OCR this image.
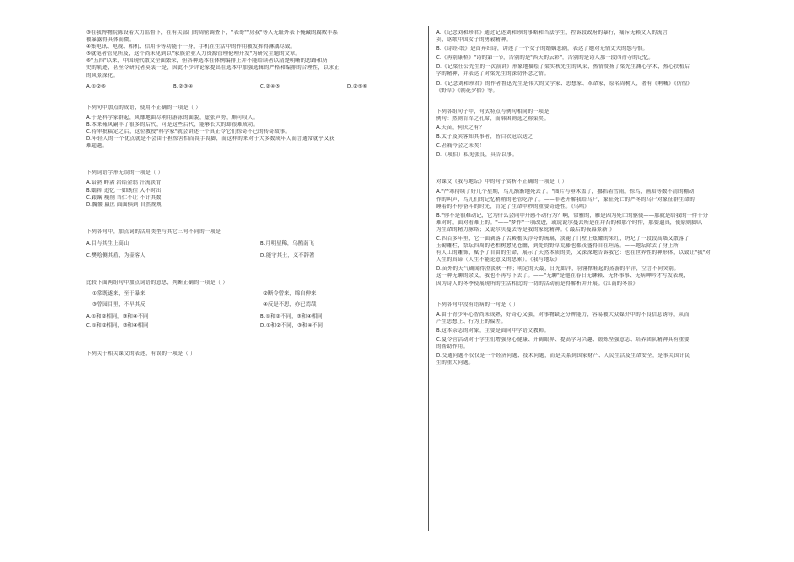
③在我博物院陈设着大力监督下，在有关部门的周密调查下，"表哥""房叔"等人无耻外表下掩藏的腐败丰系
被暴露得具体而微。
④集电讯、电视、相机、信用卡等功能于一身，手机在生活中的作用被发挥得淋漓尽致。
⑤就笔者管见所及，这个尚未见到以"家族企业人力资源管理伦理开发"为研究主题的文章。
⑥"五四"以来，中国现代散文全面繁荣，但各种选本在体例编排上并不能给读者以清楚明晰的思路和历
史的轨迹，甚至令研究者莫衷一是，因此不少评论家提出在选本中加强选辑的严格和编排的合理性，以求正
的风景深化。
A.①②⑥	B.②③④	C.②④⑤	D.②⑤⑥
下列句中加点的成语，使用不正确的一项是（ ）
A.于是科学家群起，风靡地曲尽利用游泳的面貌，虚张声势，颇可叹人。
B.本来雍风嗣丰了很多的后代，可是这些后代，能够长大的却很难成功。
C.待审批稿定之后，这位教授"科学家"就会讲述一个真正令它们惊奇不已的传奇故事。
D.年轻人的一个优点就是不会由于担惊害怕而畏手畏脚，而这样的来对于大多数成年人而言通常就乎又获
难超越。
下列词语字形无误的一项是（ ）
A.谙熟 畔渚 岩铅金翁 汗流浃背
B.蠕摔 追忆 一如既往 入不时出
C.踉蹒 瘦削 当仁不让 不计其数
D.髑髅 嬴匡 面面俱到 自然规规
下列各句中，加点词的活用类型与其它三句不同的一项是
A.目与其生上高山	B.月明星稀，乌鹊南飞
C.樊哙侧其盾，为壶客人	D.能守其土，义不辞著
比较下面两组句中加点词语的意思，判断正确的一项是（ ）
①常既遂来，至于暴来	②断令曾来，绵自伸来
③曾园目里，不早其反	④反是不思，亦已焉哉
A.①和②相同，③和④不同	B.①和②不同，③和④相同
C.①和②相同，③和④相同	D.①和②不同，③和④不同
下列关于相关课文的表述，有误的一项是（ ）
A.《记念刘和珍君》通过记述刘和珍的事略和当法学生，控诉段政府的暴行，痛斥无赖文人的流言
卖，讴歌中国女子的勇毅精神。
B.《诗经·氓》是首弃妇诗，讲述了一个女子的婚姻悲剧，表达了她对无情丈夫的怨与恨。
C.《再别康桥》"诗的第一节，告别的是"西天的云彩"，告别的是诗人那一段四青寺的记忆。
D.《记梁任公先生的一次演讲》形象地描绘了梁实秋先生的风采，热情赞扬了梁先生渊心学术，热心扶植后
学的精神，并表达了对梁先生的深切怀念之情。
D.《记念刘和珍君》的作者鲁迅先生是伟大的文学家、思想家、革命家，原名周树人，著有《呐喊》《彷徨》
《野草》《朝花夕拾》等。
下列各组句子中，句式特点与例句相同的一项是
例句：然则肯军之孔席，而韩困则选之称染矣。
A.天苗，何厌之有？
B.太子及宾客知其事者，皆白衣冠以送之
C.甚痛今会之未矣！
D.（项伯）私见张良，具告以事。
对课文《我与地坛》中的句子赏析不正确的一项是（ ）
A."严寒持续了好几个星期，鸟儿渐渐地死去了。"图片与垂木盖了，挪抓着雪雨，惊鸟，画眉等数不清的棚动
作的叫声，鸟儿们的记忆稍稍的老管吃净了。——非老开解我给乌尸，象征死亡的严冬的乌尸对象征群生命的
睡着的不停奋斗的时光，肯定了生命中秒的重要奇迹性。《乌鸣》
B."你不是很难动记，它为什么会同中开感不动行为？啊，常雅的，雁是因为死亡的驱使——那就是给我的一件十分
难对时，面对看难上的。"——"梦作"一项改进，或说说尔蔓去所是在并否的和那个时件，那要逼真，使原则脚认
为生命的精力脉络；又说尔贝蔓去等是我的家庭精神。《 最后的夜幕景新 》
C.四百多年里，它一面剥落了古殿檐头浮夸的琉璃，淡褪了门壁上炫耀的朱红，坍圮了一段段高墙又散落了
玉砌雕栏，祭坛四周的老柏树愈见苍幽，到处的野草荒藤也都茂盛得自在坦荡。——地坛除去了身上所
有人工的雕饰，赋予了自由的生命，展示了天然本质的美，又深深地告诉我它：也在世界性的神形体，以致让"我"对
人生的真谛（人生不能论意义的思索）。《我与地坛》
D.苗外的天气确闻得澄淡秋一样；明定的天最，日光如洋，羽翎撑鞋起的蒸游的平洋，空言不向突别。
这一种无聊的余义，我也不再写下去了。——"无聊"是他在春日无聊赖、无怀事事、无病呻吟才写发表现，
因为诗人的冬季使展现所的生活相比的一切的活动前是得解析并开展。《江南的冬景》
下列各句中没有语病的一句是（ ）
A.由于青少年心智尚未成熟，好奇心又强，对事物缺乏分辨能力，容易被大众媒介中的不良信息诱导，从而
产生思想上、行为上的偏差。
B.这本杂志的对象，主要是面向中学语文教师。
C.夏令营活动对于学生们增强身心健康、开阔眼界、提高学习兴趣、锻炼坚强意志、培养团队精神具有重要
的帮助作用。
D.交通问题不仅仅是一个经济问题、技术问题，而是关系到国家财产、人民生活及生命安全，是事关国计民
生的重大问题。
